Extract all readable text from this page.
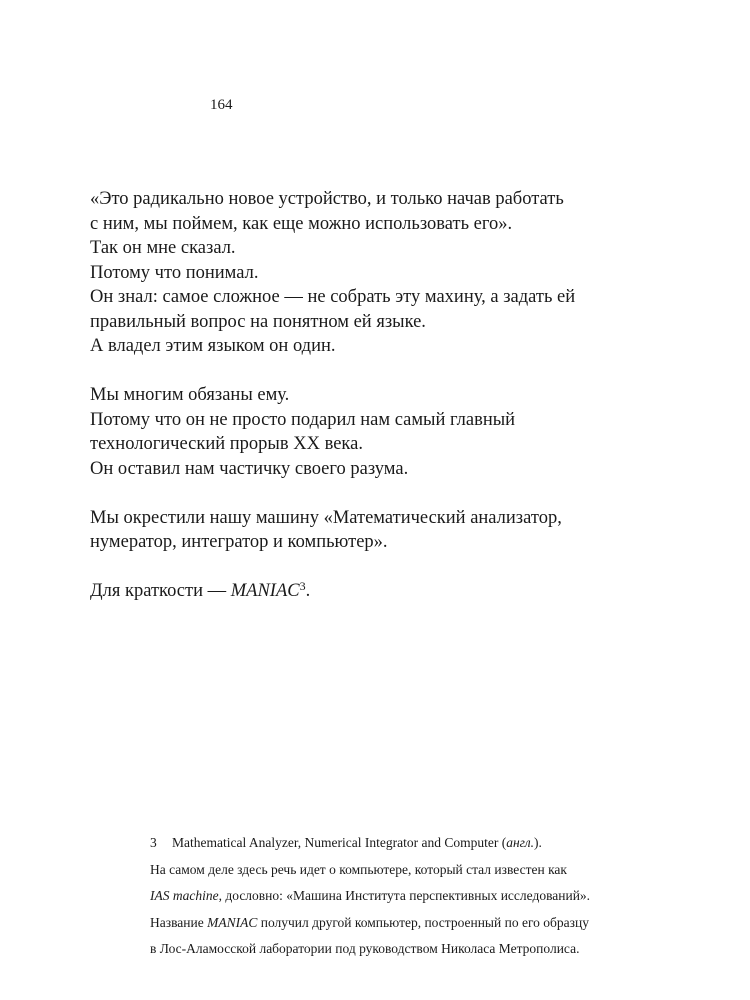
164
«Это радикально новое устройство, и только начав работать
с ним, мы поймем, как еще можно использовать его».
Так он мне сказал.
Потому что понимал.
Он знал: самое сложное — не собрать эту махину, а задать ей
правильный вопрос на понятном ей языке.
А владел этим языком он один.
Мы многим обязаны ему.
Потому что он не просто подарил нам самый главный
технологический прорыв XX века.
Он оставил нам частичку своего разума.
Мы окрестили нашу машину «Математический анализатор,
нумератор, интегратор и компьютер».
Для краткости — MANIAC$^3$.
3 Mathematical Analyzer, Numerical Integrator and Computer (англ.).
На самом деле здесь речь идет о компьютере, который стал известен как
IAS machine, дословно: «Машина Института перспективных исследований».
Название MANIAC получил другой компьютер, построенный по его образцу
в Лос-Аламосской лаборатории под руководством Николаса Метрополиса.
